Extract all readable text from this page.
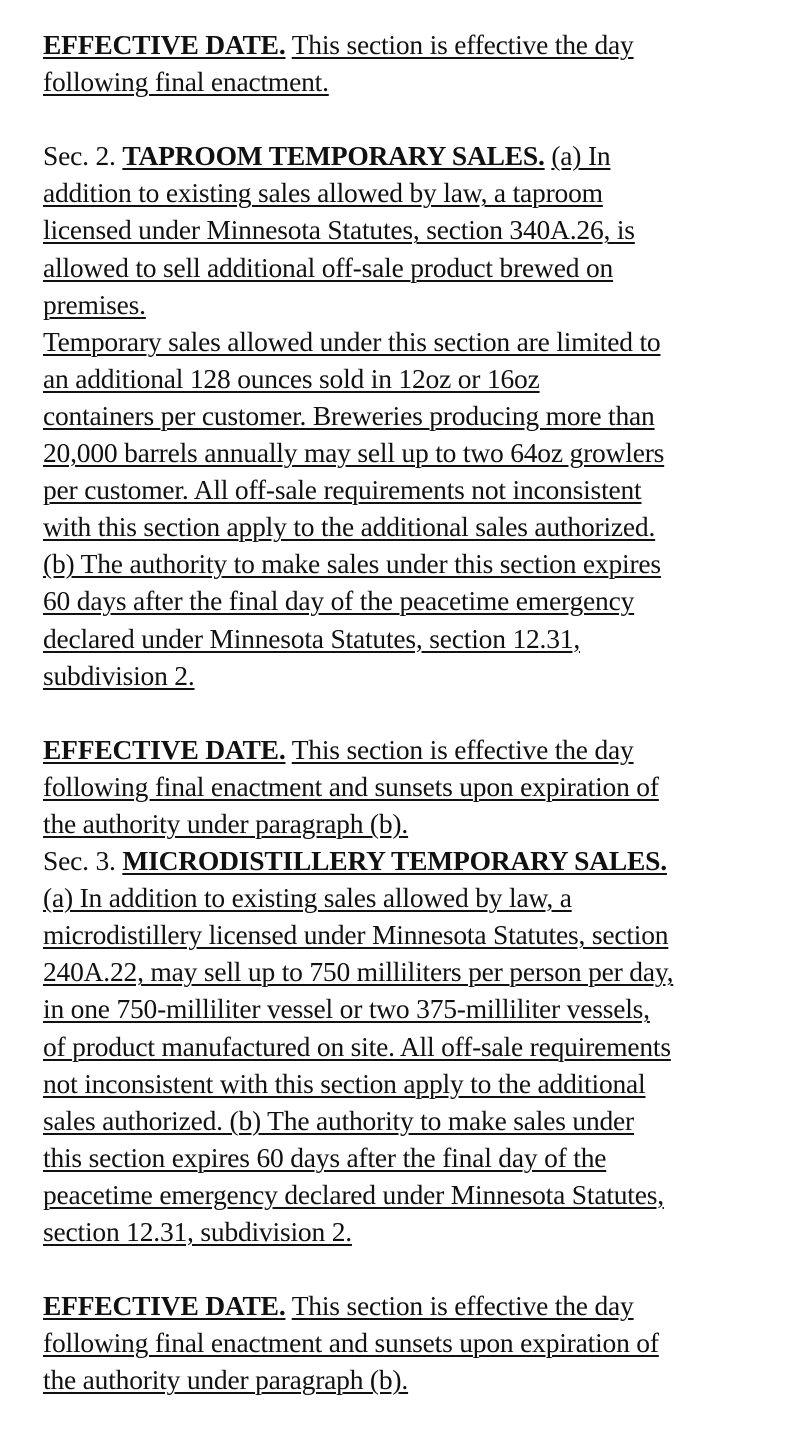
EFFECTIVE DATE. This section is effective the day
following final enactment.
Sec. 2. TAPROOM TEMPORARY SALES. (a) In
addition to existing sales allowed by law, a taproom
licensed under Minnesota Statutes, section 340A.26, is
allowed to sell additional off-sale product brewed on
premises.
Temporary sales allowed under this section are limited to
an additional 128 ounces sold in 12oz or 16oz
containers per customer. Breweries producing more than
20,000 barrels annually may sell up to two 64oz growlers
per customer. All off-sale requirements not inconsistent
with this section apply to the additional sales authorized.
(b) The authority to make sales under this section expires
60 days after the final day of the peacetime emergency
declared under Minnesota Statutes, section 12.31,
subdivision 2.
EFFECTIVE DATE. This section is effective the day
following final enactment and sunsets upon expiration of
the authority under paragraph (b).
Sec. 3. MICRODISTILLERY TEMPORARY SALES.
(a) In addition to existing sales allowed by law, a
microdistillery licensed under Minnesota Statutes, section
240A.22, may sell up to 750 milliliters per person per day,
in one 750-milliliter vessel or two 375-milliliter vessels,
of product manufactured on site. All off-sale requirements
not inconsistent with this section apply to the additional
sales authorized. (b) The authority to make sales under
this section expires 60 days after the final day of the
peacetime emergency declared under Minnesota Statutes,
section 12.31, subdivision 2.
EFFECTIVE DATE. This section is effective the day
following final enactment and sunsets upon expiration of
the authority under paragraph (b).
